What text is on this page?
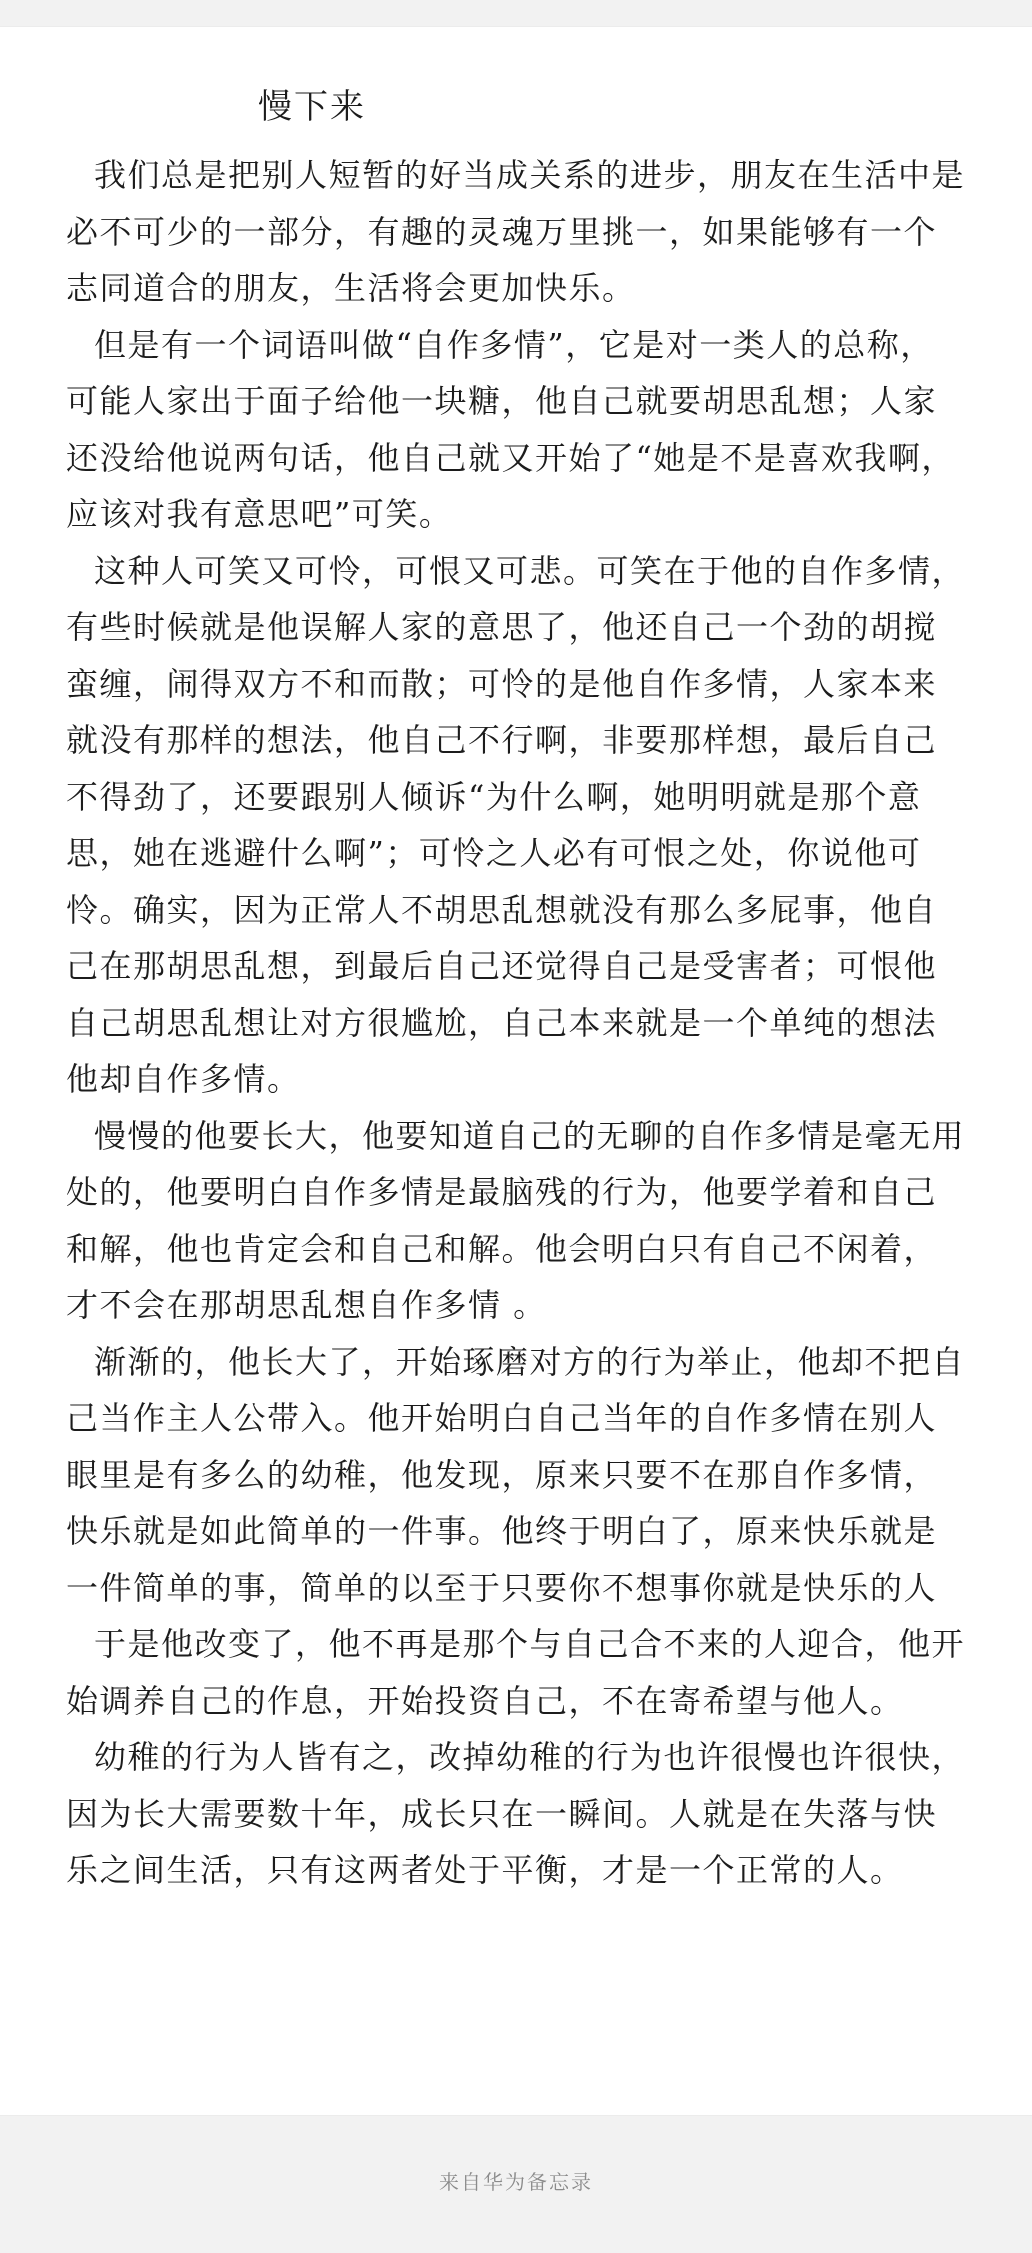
慢下来

我们总是把别人短暂的好当成关系的进步，朋友在生活中是必不可少的一部分，有趣的灵魂万里挑一，如果能够有一个志同道合的朋友，生活将会更加快乐。

但是有一个词语叫做“自作多情”，它是对一类人的总称，可能人家出于面子给他一块糖，他自己就要胡思乱想；人家还没给他说两句话，他自己就又开始了“她是不是喜欢我啊，应该对我有意思吧”可笑。

这种人可笑又可怜，可恨又可悲。可笑在于他的自作多情，有些时候就是他误解人家的意思了，他还自己一个劲的胡搅蛮缠，闹得双方不和而散；可怜的是他自作多情，人家本来就没有那样的想法，他自己不行啊，非要那样想，最后自己不得劲了，还要跟别人倾诉“为什么啊，她明明就是那个意思，她在逃避什么啊”；可怜之人必有可恨之处，你说他可怜。确实，因为正常人不胡思乱想就没有那么多屁事，他自己在那胡思乱想，到最后自己还觉得自己是受害者；可恨他自己胡思乱想让对方很尴尬，自己本来就是一个单纯的想法 他却自作多情。

慢慢的他要长大，他要知道自己的无聊的自作多情是毫无用处的，他要明白自作多情是最脑残的行为，他要学着和自己和解，他也肯定会和自己和解。他会明白只有自己不闲着，才不会在那胡思乱想自作多情 。

渐渐的，他长大了，开始琢磨对方的行为举止，他却不把自己当作主人公带入。他开始明白自己当年的自作多情在别人眼里是有多么的幼稚，他发现，原来只要不在那自作多情，快乐就是如此简单的一件事。他终于明白了，原来快乐就是一件简单的事，简单的以至于只要你不想事你就是快乐的人

于是他改变了，他不再是那个与自己合不来的人迎合，他开始调养自己的作息，开始投资自己，不在寄希望与他人。

幼稚的行为人皆有之，改掉幼稚的行为也许很慢也许很快，因为长大需要数十年，成长只在一瞬间。人就是在失落与快乐之间生活，只有这两者处于平衡，才是一个正常的人。

来自华为备忘录
